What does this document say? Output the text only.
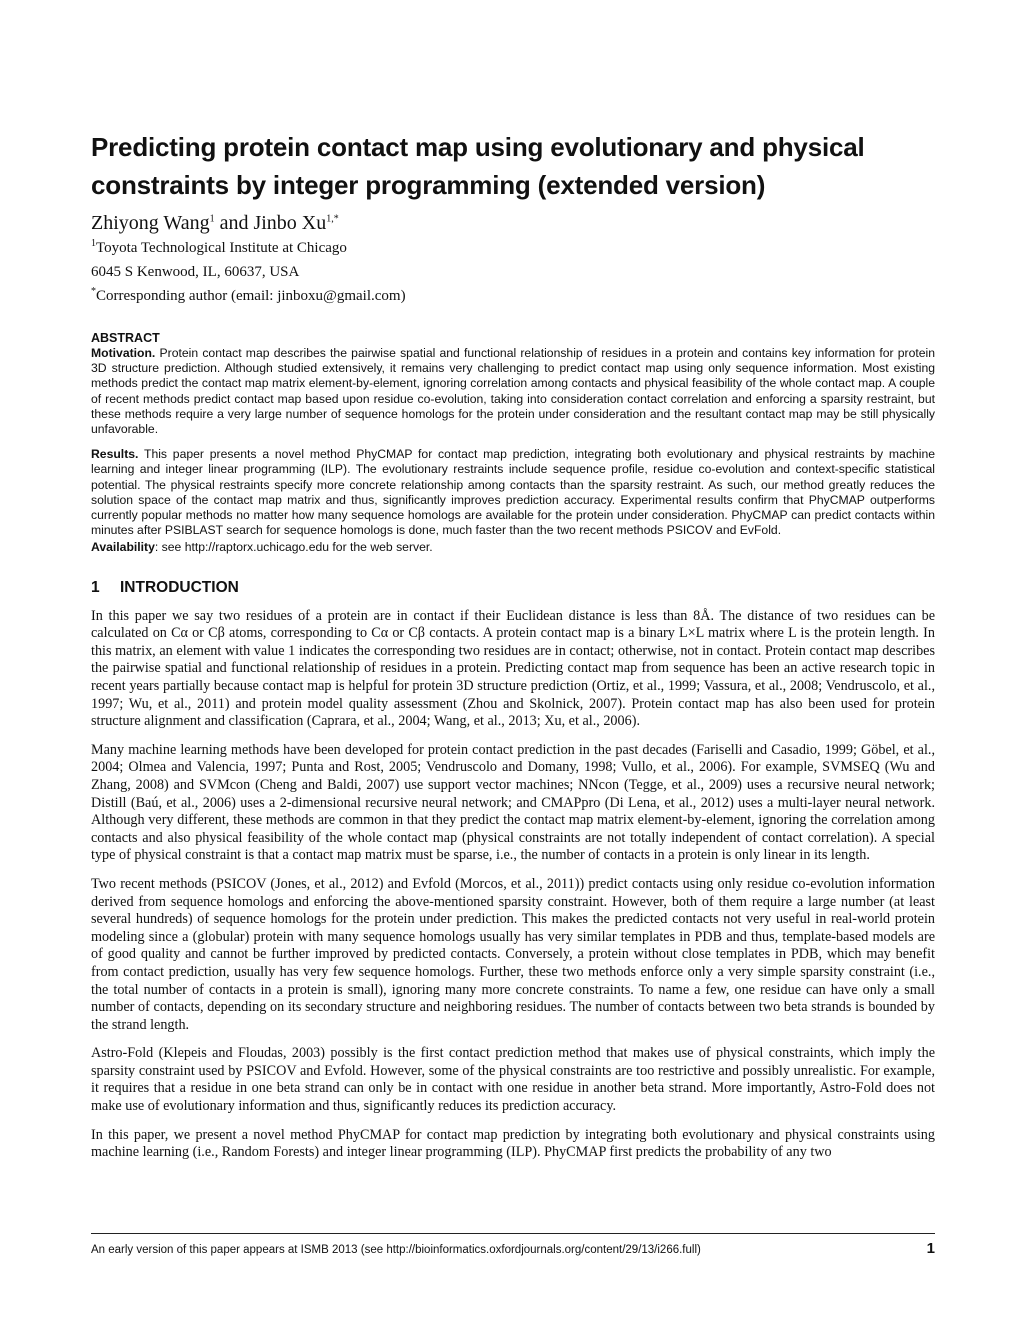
Predicting protein contact map using evolutionary and physical constraints by integer programming (extended version)
Zhiyong Wang$^1$ and Jinbo $Xu^{1,*}$
$^1$Toyota Technological Institute at Chicago
6045 S Kenwood, IL, 60637, USA
*Corresponding author (email: jinboxu@gmail.com)
ABSTRACT

Motivation. Protein contact map describes the pairwise spatial and functional relationship of residues in a protein and contains key information for protein 3D structure prediction. Although studied extensively, it remains very challenging to predict contact map using only sequence information. Most existing methods predict the contact map matrix element-by-element, ignoring correlation among contacts and physical feasibility of the whole contact map. A couple of recent methods predict contact map based upon residue co-evolution, taking into consideration contact correlation and enforcing a sparsity restraint, but these methods require a very large number of sequence homologs for the protein under consideration and the resultant contact map may be still physically unfavorable.

Results. This paper presents a novel method PhyCMAP for contact map prediction, integrating both evolutionary and physical restraints by machine learning and integer linear programming (ILP). The evolutionary restraints include sequence profile, residue co-evolution and context-specific statistical potential. The physical restraints specify more concrete relationship among contacts than the sparsity restraint. As such, our method greatly reduces the solution space of the contact map matrix and thus, significantly improves prediction accuracy. Experimental results confirm that PhyCMAP outperforms currently popular methods no matter how many sequence homologs are available for the protein under consideration. PhyCMAP can predict contacts within minutes after PSIBLAST search for sequence homologs is done, much faster than the two recent methods PSICOV and EvFold.

Availability: see http://raptorx.uchicago.edu for the web server.

1 INTRODUCTION

In this paper we say two residues of a protein are in contact if their Euclidean distance is less than 8Å. The distance of two residues can be calculated on Cα or Cβ atoms, corresponding to Cα or Cβ contacts. A protein contact map is a binary L×L matrix where L is the protein length. In this matrix, an element with value 1 indicates the corresponding two residues are in contact; otherwise, not in contact. Protein contact map describes the pairwise spatial and functional relationship of residues in a protein. Predicting contact map from sequence has been an active research topic in recent years partially because contact map is helpful for protein 3D structure prediction (Ortiz, et al., 1999; Vassura, et al., 2008; Vendruscolo, et al., 1997; Wu, et al., 2011) and protein model quality assessment (Zhou and Skolnick, 2007). Protein contact map has also been used for protein structure alignment and classification (Caprara, et al., 2004; Wang, et al., 2013; Xu, et al., 2006).

Many machine learning methods have been developed for protein contact prediction in the past decades (Fariselli and Casadio, 1999; Göbel, et al., 2004; Olmea and Valencia, 1997; Punta and Rost, 2005; Vendruscolo and Domany, 1998; Vullo, et al., 2006). For example, SVMSEQ (Wu and Zhang, 2008) and SVMcon (Cheng and Baldi, 2007) use support vector machines; NNcon (Tegge, et al., 2009) uses a recursive neural network; Distill (Baú, et al., 2006) uses a 2-dimensional recursive neural network; and CMAPpro (Di Lena, et al., 2012) uses a multi-layer neural network. Although very different, these methods are common in that they predict the contact map matrix element-by-element, ignoring the correlation among contacts and also physical feasibility of the whole contact map (physical constraints are not totally independent of contact correlation). A special type of physical constraint is that a contact map matrix must be sparse, i.e., the number of contacts in a protein is only linear in its length.

Two recent methods (PSICOV (Jones, et al., 2012) and Evfold (Morcos, et al., 2011)) predict contacts using only residue co-evolution information derived from sequence homologs and enforcing the above-mentioned sparsity constraint. However, both of them require a large number (at least several hundreds) of sequence homologs for the protein under prediction. This makes the predicted contacts not very useful in real-world protein modeling since a (globular) protein with many sequence homologs usually has very similar templates in PDB and thus, template-based models are of good quality and cannot be further improved by predicted contacts. Conversely, a protein without close templates in PDB, which may benefit from contact prediction, usually has very few sequence homologs. Further, these two methods enforce only a very simple sparsity constraint (i.e., the total number of contacts in a protein is small), ignoring many more concrete constraints. To name a few, one residue can have only a small number of contacts, depending on its secondary structure and neighboring residues. The number of contacts between two beta strands is bounded by the strand length.

Astro-Fold (Klepeis and Floudas, 2003) possibly is the first contact prediction method that makes use of physical constraints, which imply the sparsity constraint used by PSICOV and Evfold. However, some of the physical constraints are too restrictive and possibly unrealistic. For example, it requires that a residue in one beta strand can only be in contact with one residue in another beta strand. More importantly, Astro-Fold does not make use of evolutionary information and thus, significantly reduces its prediction accuracy.

In this paper, we present a novel method PhyCMAP for contact map prediction by integrating both evolutionary and physical constraints using machine learning (i.e., Random Forests) and integer linear programming (ILP). PhyCMAP first predicts the probability of any two

An early version of this paper appears at ISMB 2013 (see http://bioinformatics.oxfordjournals.org/content/29/13/i266.full)	1
